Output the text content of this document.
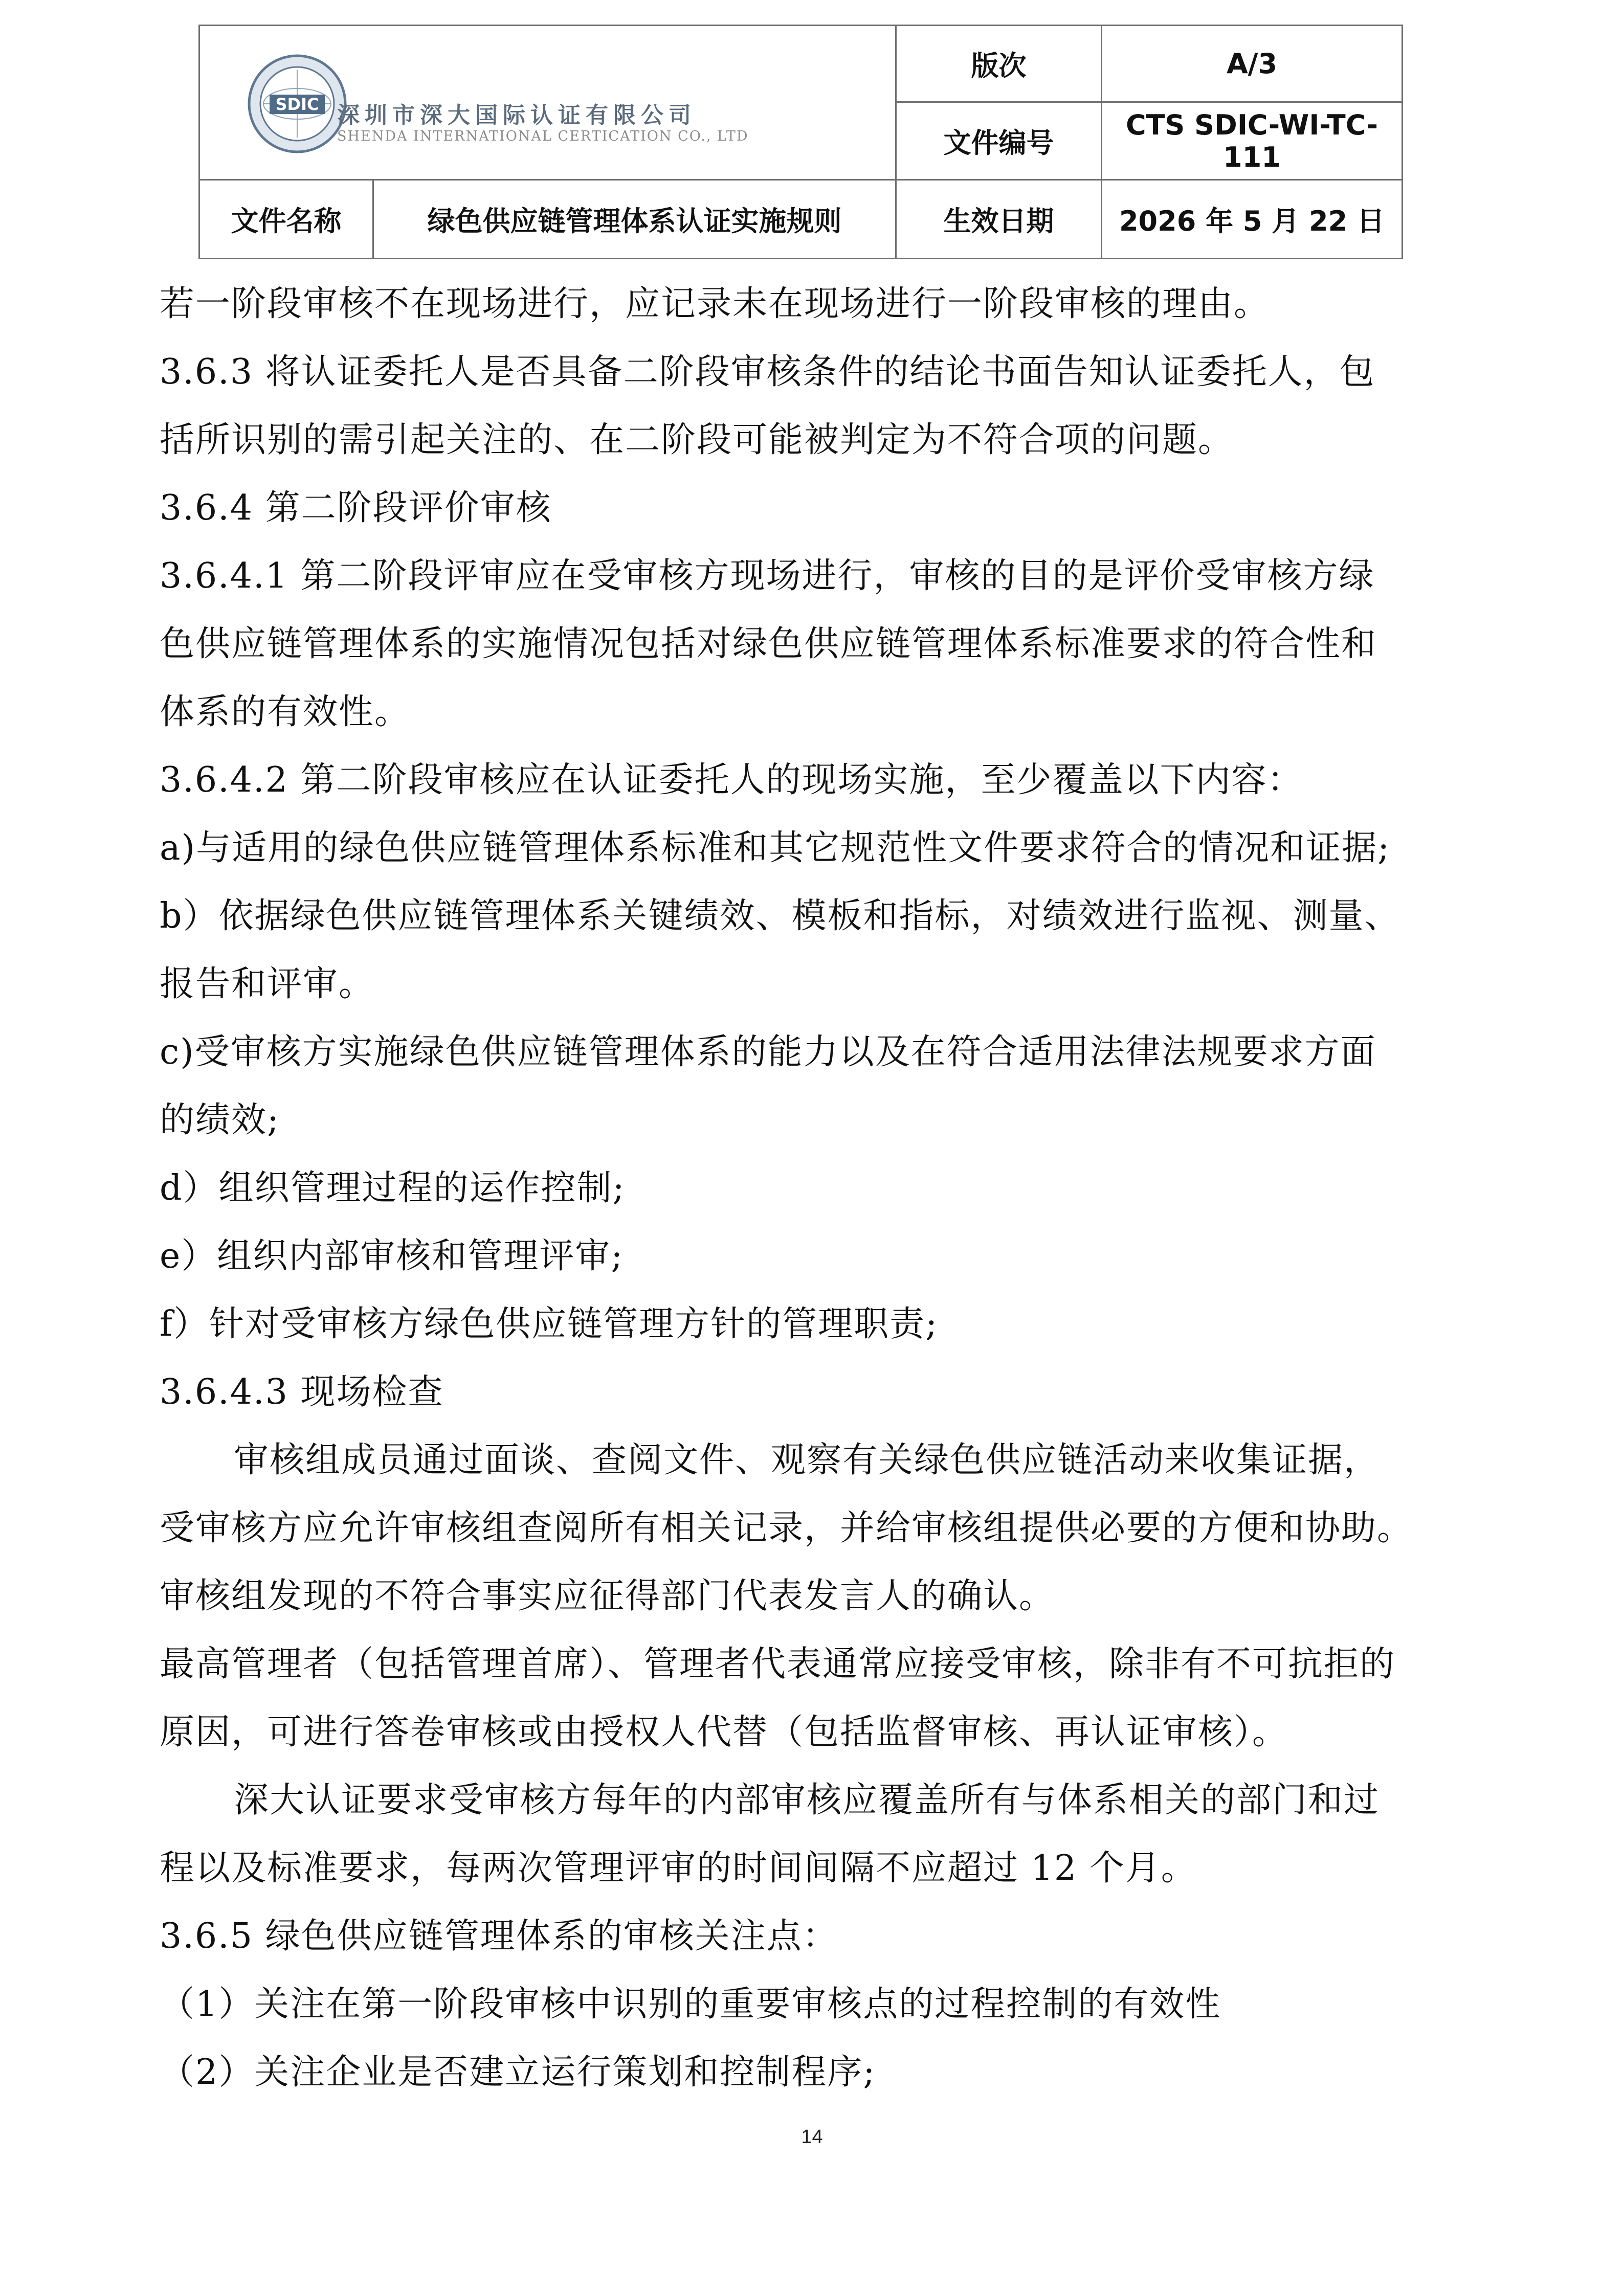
SDIC 深圳市深大国际认证有限公司
SHENDA INTERNATIONAL CERTICATION CO., LTD		版次	A/3
		文件编号	CTS SDIC-WI-TC-111
文件名称	绿色供应链管理体系认证实施规则	生效日期	2026 年 5 月 22 日

若一阶段审核不在现场进行，应记录未在现场进行一阶段审核的理由。

3.6.3 将认证委托人是否具备二阶段审核条件的结论书面告知认证委托人，包

括所识别的需引起关注的、在二阶段可能被判定为不符合项的问题。

3.6.4 第二阶段评价审核

3.6.4.1 第二阶段评审应在受审核方现场进行，审核的目的是评价受审核方绿

色供应链管理体系的实施情况包括对绿色供应链管理体系标准要求的符合性和

体系的有效性。

3.6.4.2 第二阶段审核应在认证委托人的现场实施，至少覆盖以下内容：

a)与适用的绿色供应链管理体系标准和其它规范性文件要求符合的情况和证据;

b）依据绿色供应链管理体系关键绩效、模板和指标，对绩效进行监视、测量、

报告和评审。

c)受审核方实施绿色供应链管理体系的能力以及在符合适用法律法规要求方面

的绩效;

d）组织管理过程的运作控制;

e）组织内部审核和管理评审;

f）针对受审核方绿色供应链管理方针的管理职责;

3.6.4.3 现场检查

审核组成员通过面谈、查阅文件、观察有关绿色供应链活动来收集证据，

受审核方应允许审核组查阅所有相关记录，并给审核组提供必要的方便和协助。

审核组发现的不符合事实应征得部门代表发言人的确认。

最高管理者（包括管理首席）、管理者代表通常应接受审核，除非有不可抗拒的

原因，可进行答卷审核或由授权人代替（包括监督审核、再认证审核）。

深大认证要求受审核方每年的内部审核应覆盖所有与体系相关的部门和过

程以及标准要求，每两次管理评审的时间间隔不应超过 12 个月。

3.6.5 绿色供应链管理体系的审核关注点：

（1）关注在第一阶段审核中识别的重要审核点的过程控制的有效性

（2）关注企业是否建立运行策划和控制程序;

14
